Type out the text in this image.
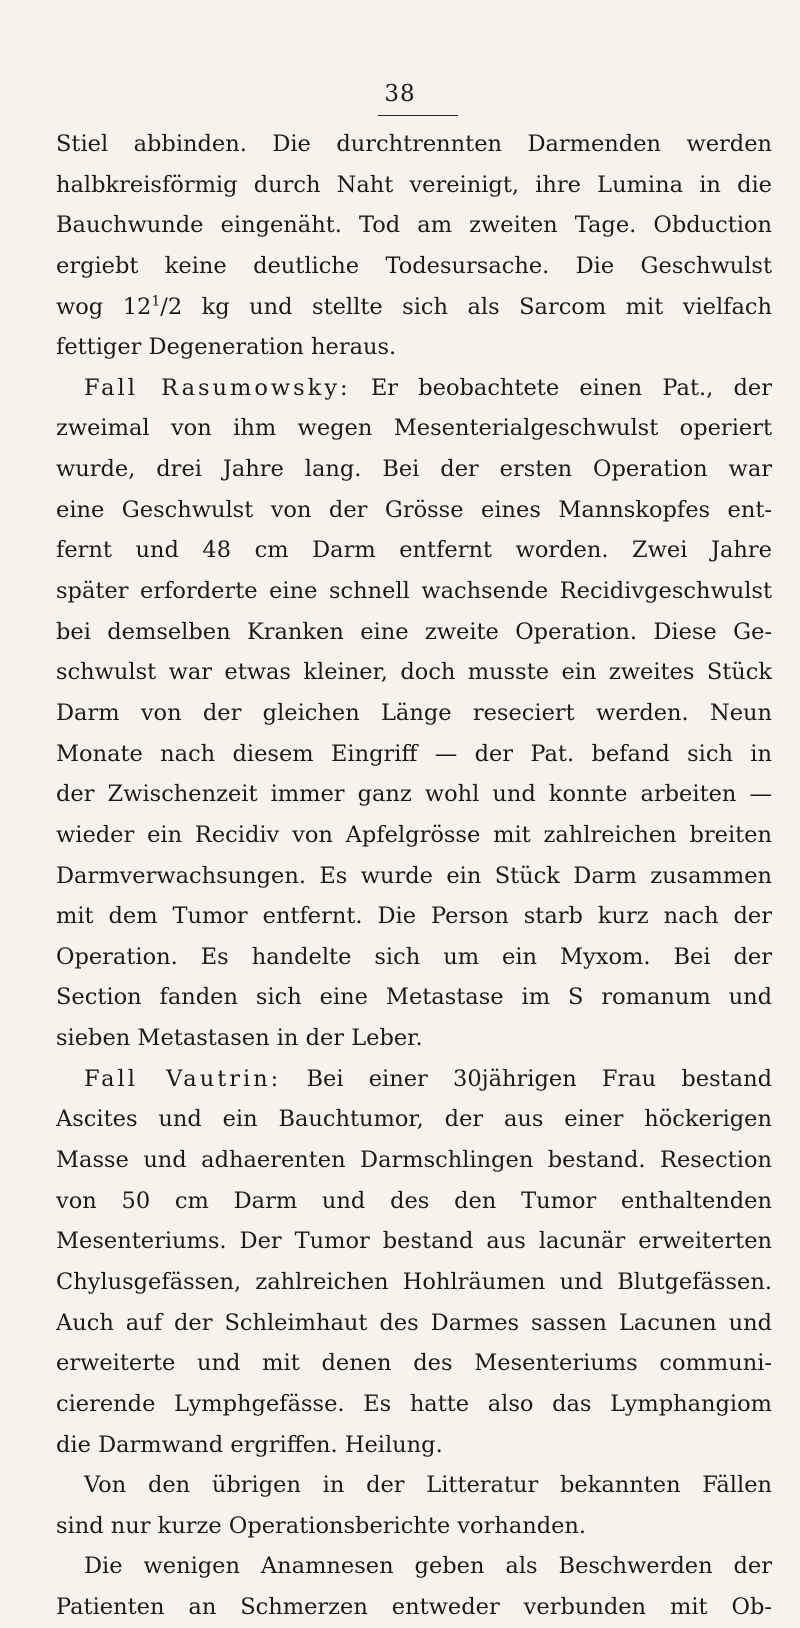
38
Stiel abbinden. Die durchtrennten Darmenden werden
halbkreisförmig durch Naht vereinigt, ihre Lumina in die
Bauchwunde eingenäht. Tod am zweiten Tage. Obduction
ergiebt keine deutliche Todesursache. Die Geschwulst
wog $12^1/2$ kg und stellte sich als Sarcom mit vielfach
fettiger Degeneration heraus.
Fall Rasumowsky: Er beobachtete einen Pat., der
zweimal von ihm wegen Mesenterialgeschwulst operiert
wurde, drei Jahre lang. Bei der ersten Operation war
eine Geschwulst von der Grösse eines Mannskopfes ent-
fernt und 48 cm Darm entfernt worden. Zwei Jahre
später erforderte eine schnell wachsende Recidivgeschwulst
bei demselben Kranken eine zweite Operation. Diese Ge-
schwulst war etwas kleiner, doch musste ein zweites Stück
Darm von der gleichen Länge reseciert werden. Neun
Monate nach diesem Eingriff — der Pat. befand sich in
der Zwischenzeit immer ganz wohl und konnte arbeiten —
wieder ein Recidiv von Apfelgrösse mit zahlreichen breiten
Darmverwachsungen. Es wurde ein Stück Darm zusammen
mit dem Tumor entfernt. Die Person starb kurz nach der
Operation. Es handelte sich um ein Myxom. Bei der
Section fanden sich eine Metastase im S romanum und
sieben Metastasen in der Leber.
Fall Vautrin: Bei einer 30jährigen Frau bestand
Ascites und ein Bauchtumor, der aus einer höckerigen
Masse und adhaerenten Darmschlingen bestand. Resection
von 50 cm Darm und des den Tumor enthaltenden
Mesenteriums. Der Tumor bestand aus lacunär erweiterten
Chylusgefässen, zahlreichen Hohlräumen und Blutgefässen.
Auch auf der Schleimhaut des Darmes sassen Lacunen und
erweiterte und mit denen des Mesenteriums communi-
cierende Lymphgefässe. Es hatte also das Lymphangiom
die Darmwand ergriffen. Heilung.
Von den übrigen in der Litteratur bekannten Fällen
sind nur kurze Operationsberichte vorhanden.
Die wenigen Anamnesen geben als Beschwerden der
Patienten an Schmerzen entweder verbunden mit Ob-
